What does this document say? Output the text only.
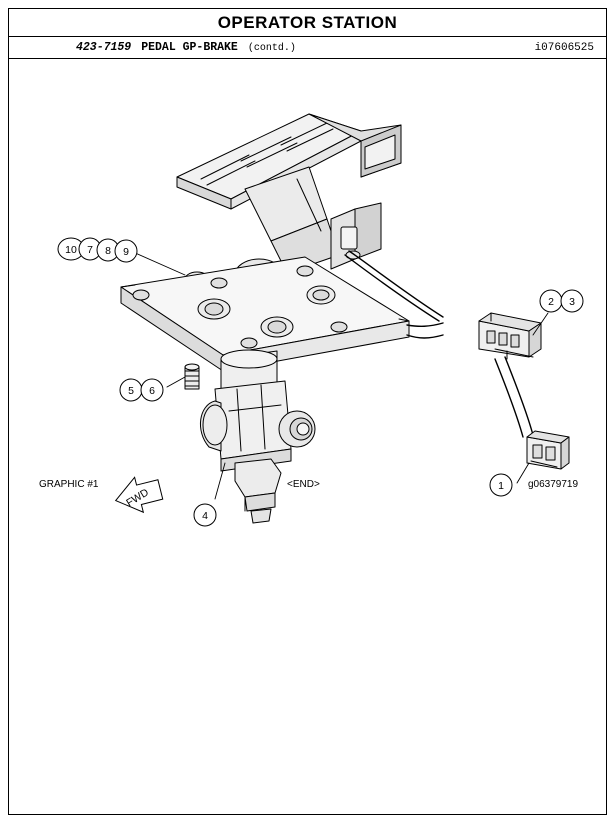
OPERATOR STATION
423-7159 PEDAL GP-BRAKE (contd.)	i07606525
10 7 8 9
2 3
5 6
1
4
FWD
GRAPHIC #1	<END>	g06379719
